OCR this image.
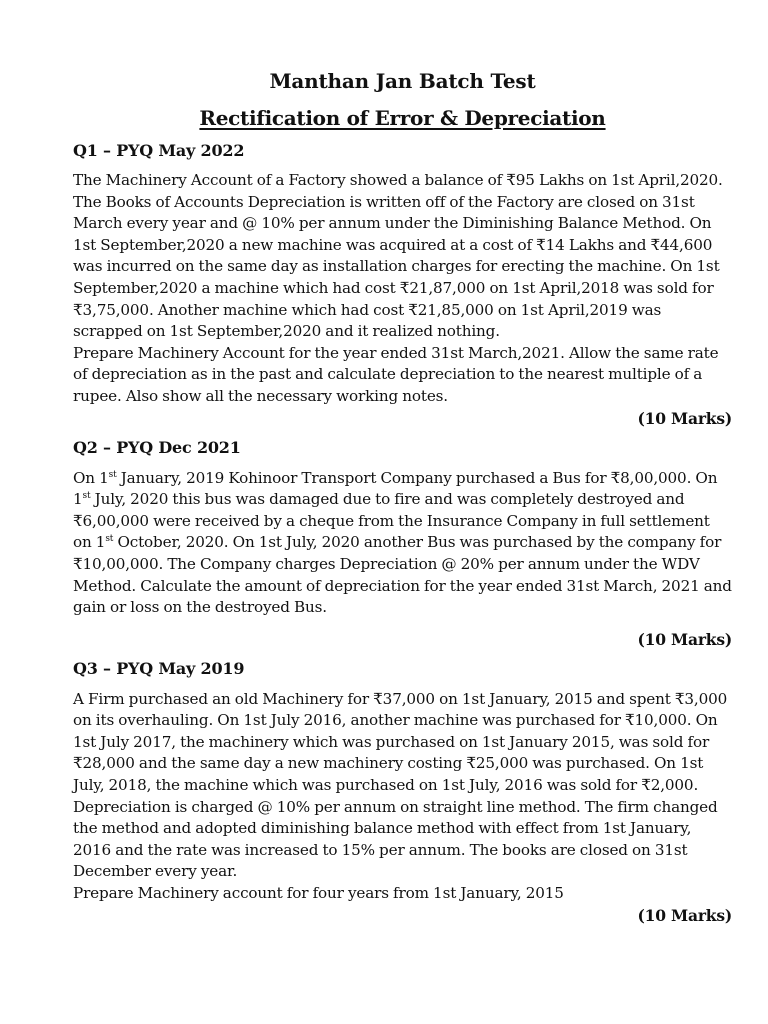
Manthan Jan Batch Test
Rectification of Error & Depreciation

Q1 – PYQ May 2022

The Machinery Account of a Factory showed a balance of ₹95 Lakhs on 1st April,2020. The Books of Accounts Depreciation is written off of the Factory are closed on 31st March every year and @ 10% per annum under the Diminishing Balance Method. On 1st September,2020 a new machine was acquired at a cost of ₹14 Lakhs and ₹44,600 was incurred on the same day as installation charges for erecting the machine. On 1st September,2020 a machine which had cost ₹21,87,000 on 1st April,2018 was sold for ₹3,75,000. Another machine which had cost ₹21,85,000 on 1st April,2019 was scrapped on 1st September,2020 and it realized nothing.

Prepare Machinery Account for the year ended 31st March,2021. Allow the same rate of depreciation as in the past and calculate depreciation to the nearest multiple of a rupee. Also show all the necessary working notes.

(10 Marks)

Q2 – PYQ Dec 2021

On 1st January, 2019 Kohinoor Transport Company purchased a Bus for ₹8,00,000. On 1st July, 2020 this bus was damaged due to fire and was completely destroyed and ₹6,00,000 were received by a cheque from the Insurance Company in full settlement on 1st October, 2020. On 1st July, 2020 another Bus was purchased by the company for ₹10,00,000. The Company charges Depreciation @ 20% per annum under the WDV Method. Calculate the amount of depreciation for the year ended 31st March, 2021 and gain or loss on the destroyed Bus.

(10 Marks)

Q3 – PYQ May 2019

A Firm purchased an old Machinery for ₹37,000 on 1st January, 2015 and spent ₹3,000 on its overhauling. On 1st July 2016, another machine was purchased for ₹10,000. On 1st July 2017, the machinery which was purchased on 1st January 2015, was sold for ₹28,000 and the same day a new machinery costing ₹25,000 was purchased. On 1st July, 2018, the machine which was purchased on 1st July, 2016 was sold for ₹2,000.

Depreciation is charged @ 10% per annum on straight line method. The firm changed the method and adopted diminishing balance method with effect from 1st January, 2016 and the rate was increased to 15% per annum. The books are closed on 31st December every year.

Prepare Machinery account for four years from 1st January, 2015

(10 Marks)
